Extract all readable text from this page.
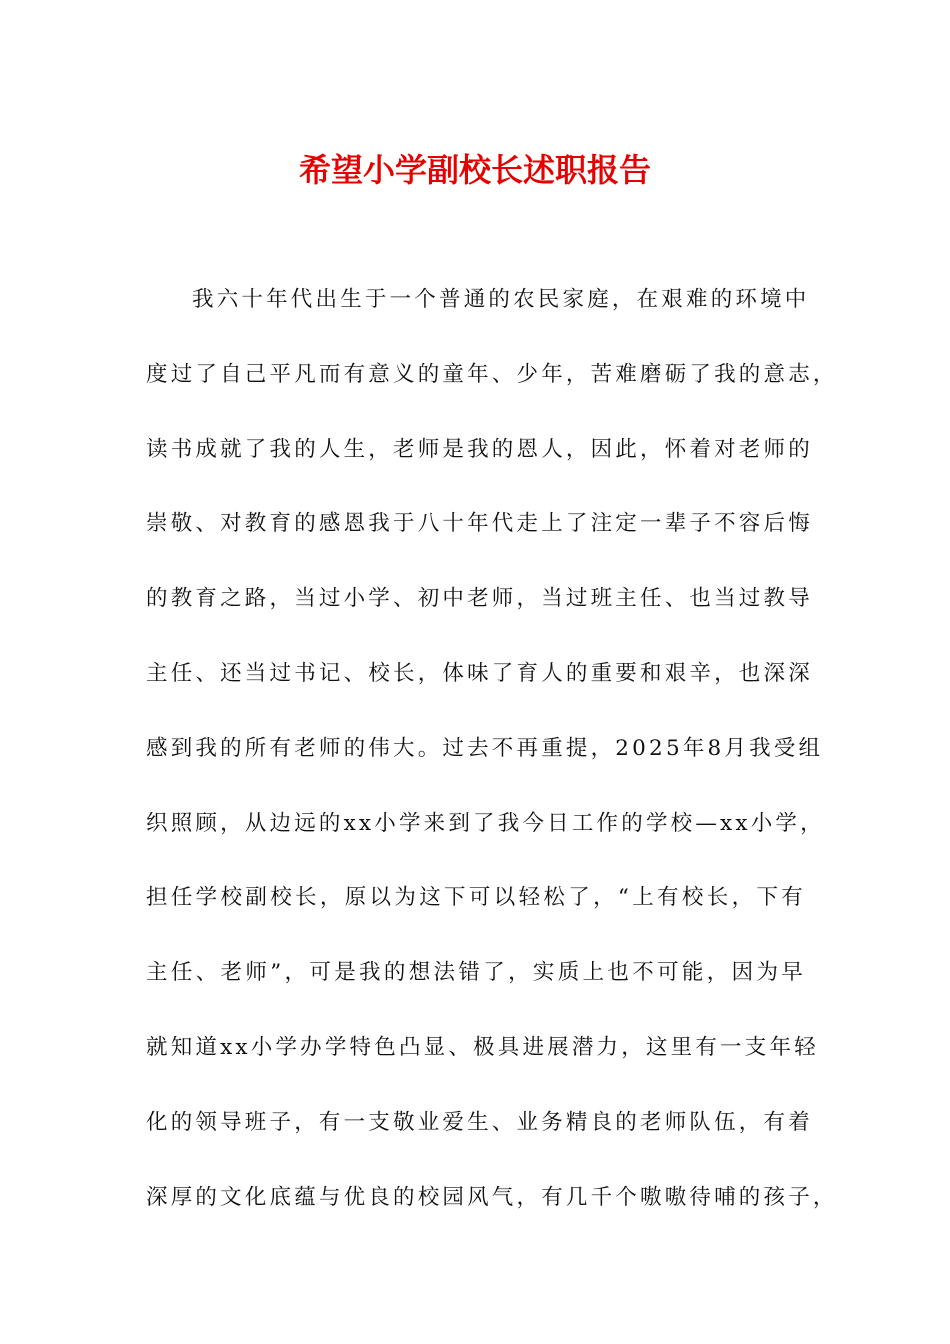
希望小学副校长述职报告
我六十年代出生于一个普通的农民家庭，在艰难的环境中
度过了自己平凡而有意义的童年、少年，苦难磨砺了我的意志，
读书成就了我的人生，老师是我的恩人，因此，怀着对老师的
崇敬、对教育的感恩我于八十年代走上了注定一辈子不容后悔
的教育之路，当过小学、初中老师，当过班主任、也当过教导
主任、还当过书记、校长，体味了育人的重要和艰辛，也深深
感到我的所有老师的伟大。过去不再重提，2025年8月我受组
织照顾，从边远的xx小学来到了我今日工作的学校—xx小学，
担任学校副校长，原以为这下可以轻松了，“上有校长，下有
主任、老师”，可是我的想法错了，实质上也不可能，因为早
就知道xx小学办学特色凸显、极具进展潜力，这里有一支年轻
化的领导班子，有一支敬业爱生、业务精良的老师队伍，有着
深厚的文化底蕴与优良的校园风气，有几千个嗷嗷待哺的孩子，
